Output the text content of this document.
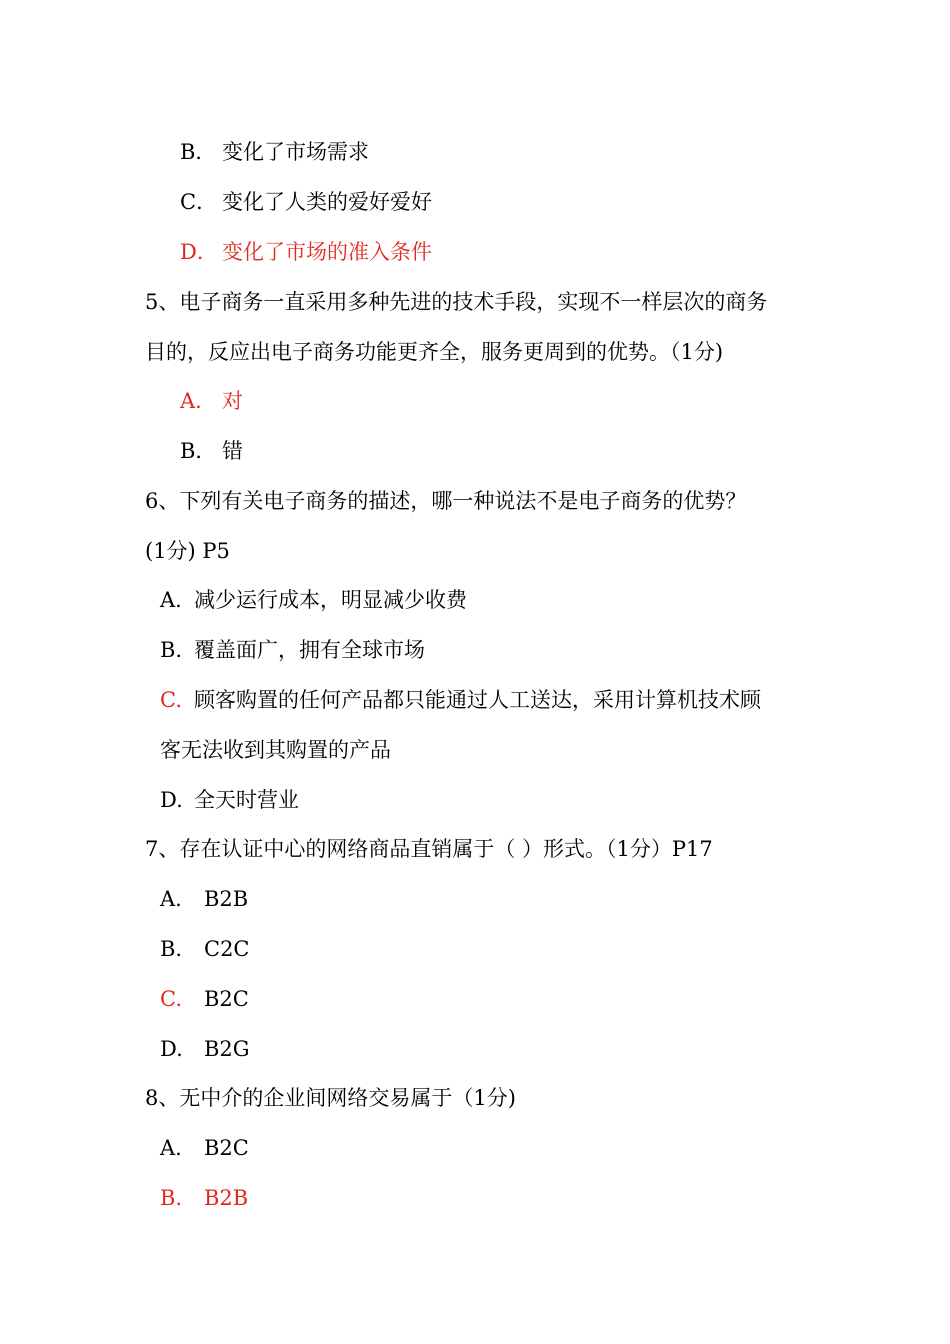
B． 变化了市场需求
C． 变化了人类的爱好爱好
D． 变化了市场的准入条件
5、电子商务一直采用多种先进的技术手段，实现不一样层次的商务
目的，反应出电子商务功能更齐全，服务更周到的优势。（1分)
A． 对
B． 错
6、下列有关电子商务的描述，哪一种说法不是电子商务的优势？
(1分) P5
A. 减少运行成本，明显减少收费
B. 覆盖面广，拥有全球市场
C. 顾客购置的任何产品都只能通过人工送达，采用计算机技术顾
客无法收到其购置的产品
D. 全天时营业
7、存在认证中心的网络商品直销属于（ ）形式。（1分）P17
A. B2B
B. C2C
C. B2C
D. B2G
8、无中介的企业间网络交易属于（1分)
A. B2C
B. B2B
